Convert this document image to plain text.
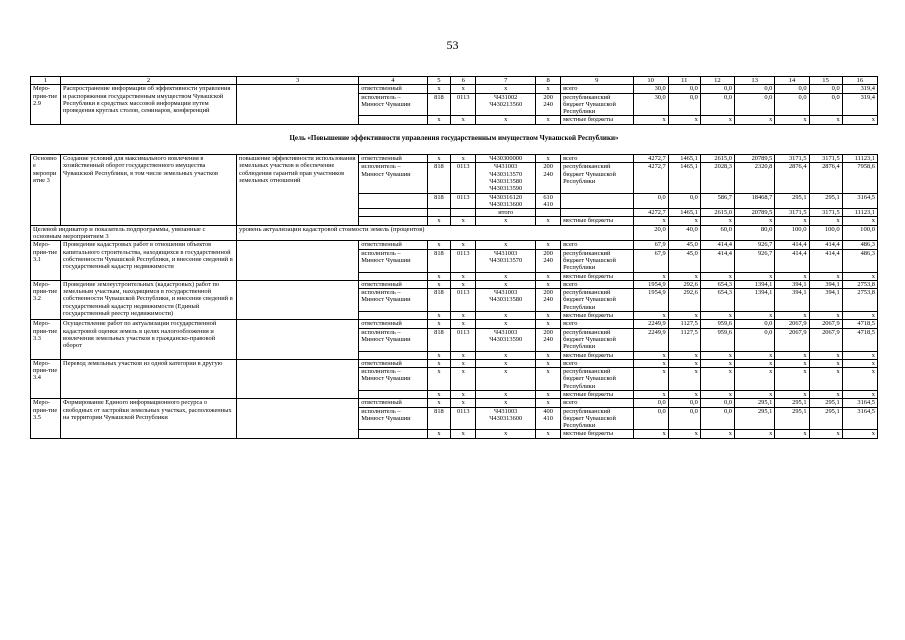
53
1	2	3	4	5	6	7	8	9	10	11	12	13	14	15	16
Меро-прия-тие 2.9	Распространение информации об эффективности управления и распоряжения государственным имуществом Чувашской Республики в средствах массовой информации путем проведения круглых столов, семинаров, конференций		ответственный	x	x	x	x	всего	30,0	0,0	0,0	0,0	0,0	0,0	319,4
			исполнитель – Минюст Чувашии	818	0113	Ч431002 Ч430213560	200 240	республиканский бюджет Чувашской Республики	30,0	0,0	0,0	0,0	0,0	0,0	319,4
				x	x	x	x	местные бюджеты	x	x	x	x	x	x	x
Цель «Повышение эффективности управления государственным имуществом Чувашской Республики»															
Основное мероприятие 3	Создание условий для максимального вовлечения в хозяйственный оборот государственного имущества Чувашской Республики, в том числе земельных участков	повышение эффективности использования земельных участков и обеспечение соблюдения гарантий прав участников земельных отношений	ответственный	x	x	Ч430300000	x	всего	4272,7	1465,1	2615,0	20789,5	3171,5	3171,5	11123,1
			исполнитель – Минюст Чувашии	818	0113	Ч431003 Ч430313570 Ч430313580 Ч430313590	200 240	республиканский бюджет Чувашской Республики	4272,7	1465,1	2028,3	2320,8	2876,4	2876,4	7958,6
				818	0113	Ч430316120 Ч430313600	610 410		0,0	0,0	586,7	18468,7	295,1	295,1	3164,5
						итого			4272,7	1465,1	2615,0	20789,5	3171,5	3171,5	11123,1
				x	x	x	x	местные бюджеты	x	x	x	x	x	x	x
Целевой индикатор и показатель подпрограммы, увязанные с основным мероприятием 3		уровень актуализации кадастровой стоимости земель (процентов)							20,0	40,0	60,0	80,0	100,0	100,0	100,0
Меро-прия-тие 3.1	Проведение кадастровых работ в отношении объектов капитального строительства, находящихся в государственной собственности Чувашской Республики, и внесение сведений в государственный кадастр недвижимости		ответственный	x	x	x	x	всего	67,9	45,0	414,4	926,7	414,4	414,4	486,3
			исполнитель – Минюст Чувашии	818	0113	Ч431003 Ч430313570	200 240	республиканский бюджет Чувашской Республики	67,9	45,0	414,4	926,7	414,4	414,4	486,3
				x	x	x	x	местные бюджеты	x	x	x	x	x	x	x
Меро-прия-тие 3.2	Проведение землеустроительных (кадастровых) работ по земельным участкам, находящимся в государственной собственности Чувашской Республики, и внесение сведений в государственный кадастр недвижимости (Единый государственный реестр недвижимости)		ответственный	x	x	x	x	всего	1954,9	292,6	654,3	1394,1	394,1	394,1	2753,8
			исполнитель – Минюст Чувашии	818	0113	Ч431003 Ч430313580	200 240	республиканский бюджет Чувашской Республики	1954,9	292,6	654,3	1394,1	394,1	394,1	2753,8
				x	x	x	x	местные бюджеты	x	x	x	x	x	x	x
Меро-прия-тие 3.3	Осуществление работ по актуализации государственной кадастровой оценки земель в целях налогообложения и вовлечения земельных участков в гражданско-правовой оборот		ответственный	x	x	x	x	всего	2249,9	1127,5	959,6	0,0	2067,9	2067,9	4718,5
			исполнитель – Минюст Чувашии	818	0113	Ч431003 Ч430313590	200 240	республиканский бюджет Чувашской Республики	2249,9	1127,5	959,6	0,0	2067,9	2067,9	4718,5
				x	x	x	x	местные бюджеты	x	x	x	x	x	x	x
Меро-прия-тие 3.4	Перевод земельных участков из одной категории в другую		ответственный	x	x	x	x	всего	x	x	x	x	x	x	x
			исполнитель – Минюст Чувашии	x	x	x	x	республиканский бюджет Чувашской Республики	x	x	x	x	x	x	x
				x	x	x	x	местные бюджеты	x	x	x	x	x	x	x
Меро-прия-тие 3.5	Формирование Единого информационного ресурса о свободных от застройки земельных участках, расположенных на территории Чувашской Республики		ответственный	x	x	x	x	всего	0,0	0,0	0,0	295,1	295,1	295,1	3164,5
			исполнитель – Минюст Чувашии	818	0113	Ч431003 Ч430313600	400 410	республиканский бюджет Чувашской Республики	0,0	0,0	0,0	295,1	295,1	295,1	3164,5
				x	x	x	x	местные бюджеты	x	x	x	x	x	x	x
